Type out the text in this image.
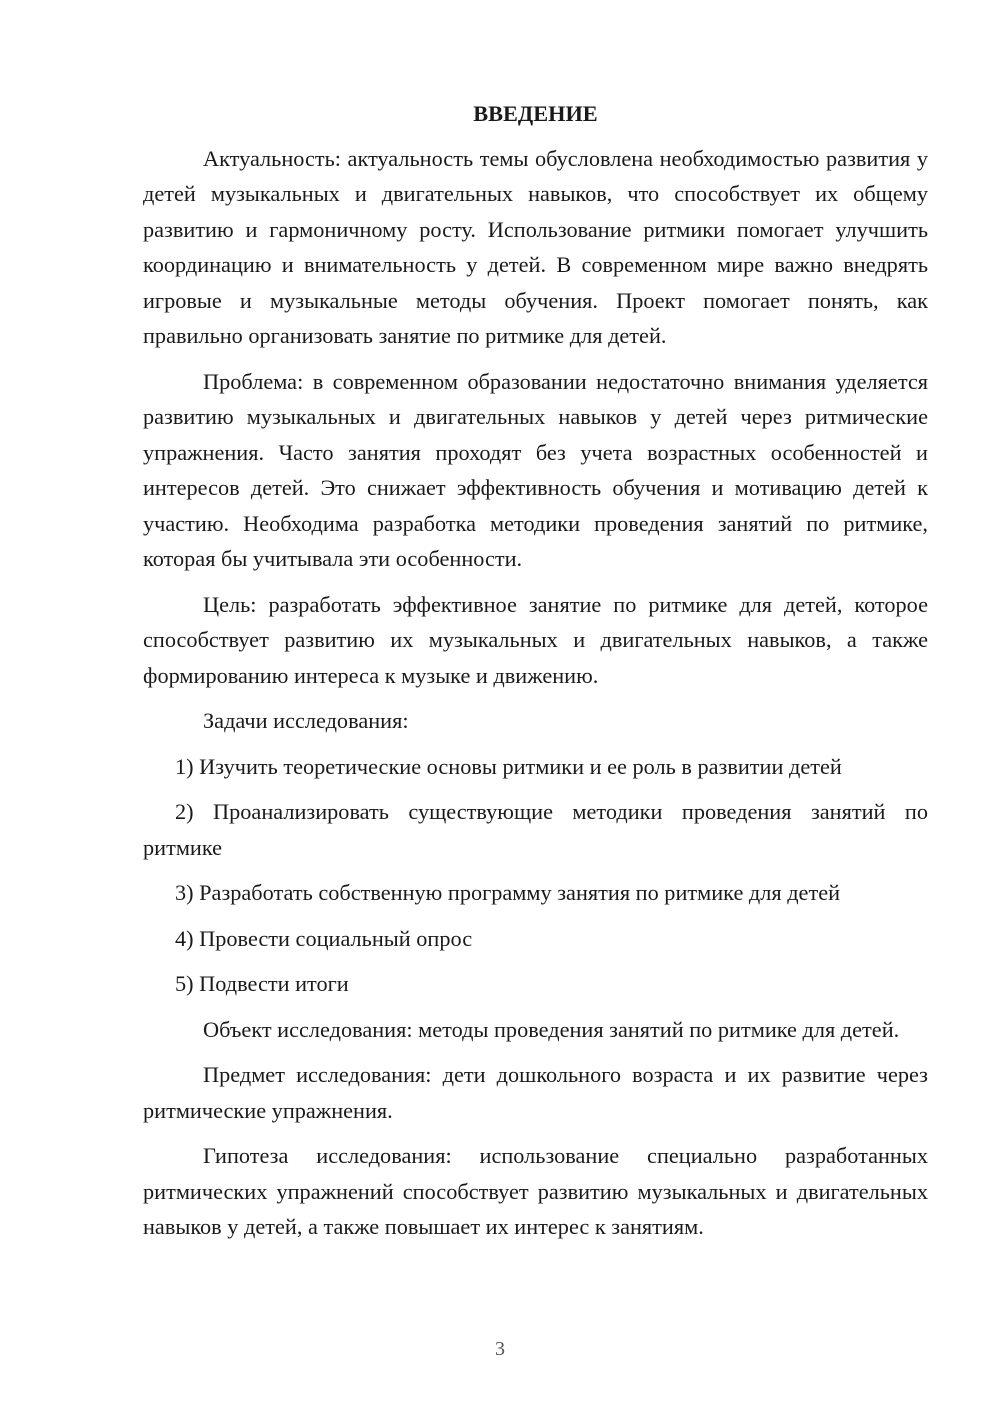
ВВЕДЕНИЕ

Актуальность: актуальность темы обусловлена необходимостью развития у детей музыкальных и двигательных навыков, что способствует их общему развитию и гармоничному росту. Использование ритмики помогает улучшить координацию и внимательность у детей. В современном мире важно внедрять игровые и музыкальные методы обучения. Проект помогает понять, как правильно организовать занятие по ритмике для детей.

Проблема: в современном образовании недостаточно внимания уделяется развитию музыкальных и двигательных навыков у детей через ритмические упражнения. Часто занятия проходят без учета возрастных особенностей и интересов детей. Это снижает эффективность обучения и мотивацию детей к участию. Необходима разработка методики проведения занятий по ритмике, которая бы учитывала эти особенности.

Цель: разработать эффективное занятие по ритмике для детей, которое способствует развитию их музыкальных и двигательных навыков, а также формированию интереса к музыке и движению.

Задачи исследования:

1) Изучить теоретические основы ритмики и ее роль в развитии детей

2) Проанализировать существующие методики проведения занятий по ритмике

3) Разработать собственную программу занятия по ритмике для детей

4) Провести социальный опрос

5) Подвести итоги

Объект исследования: методы проведения занятий по ритмике для детей.

Предмет исследования: дети дошкольного возраста и их развитие через ритмические упражнения.

Гипотеза исследования: использование специально разработанных ритмических упражнений способствует развитию музыкальных и двигательных навыков у детей, а также повышает их интерес к занятиям.

3
